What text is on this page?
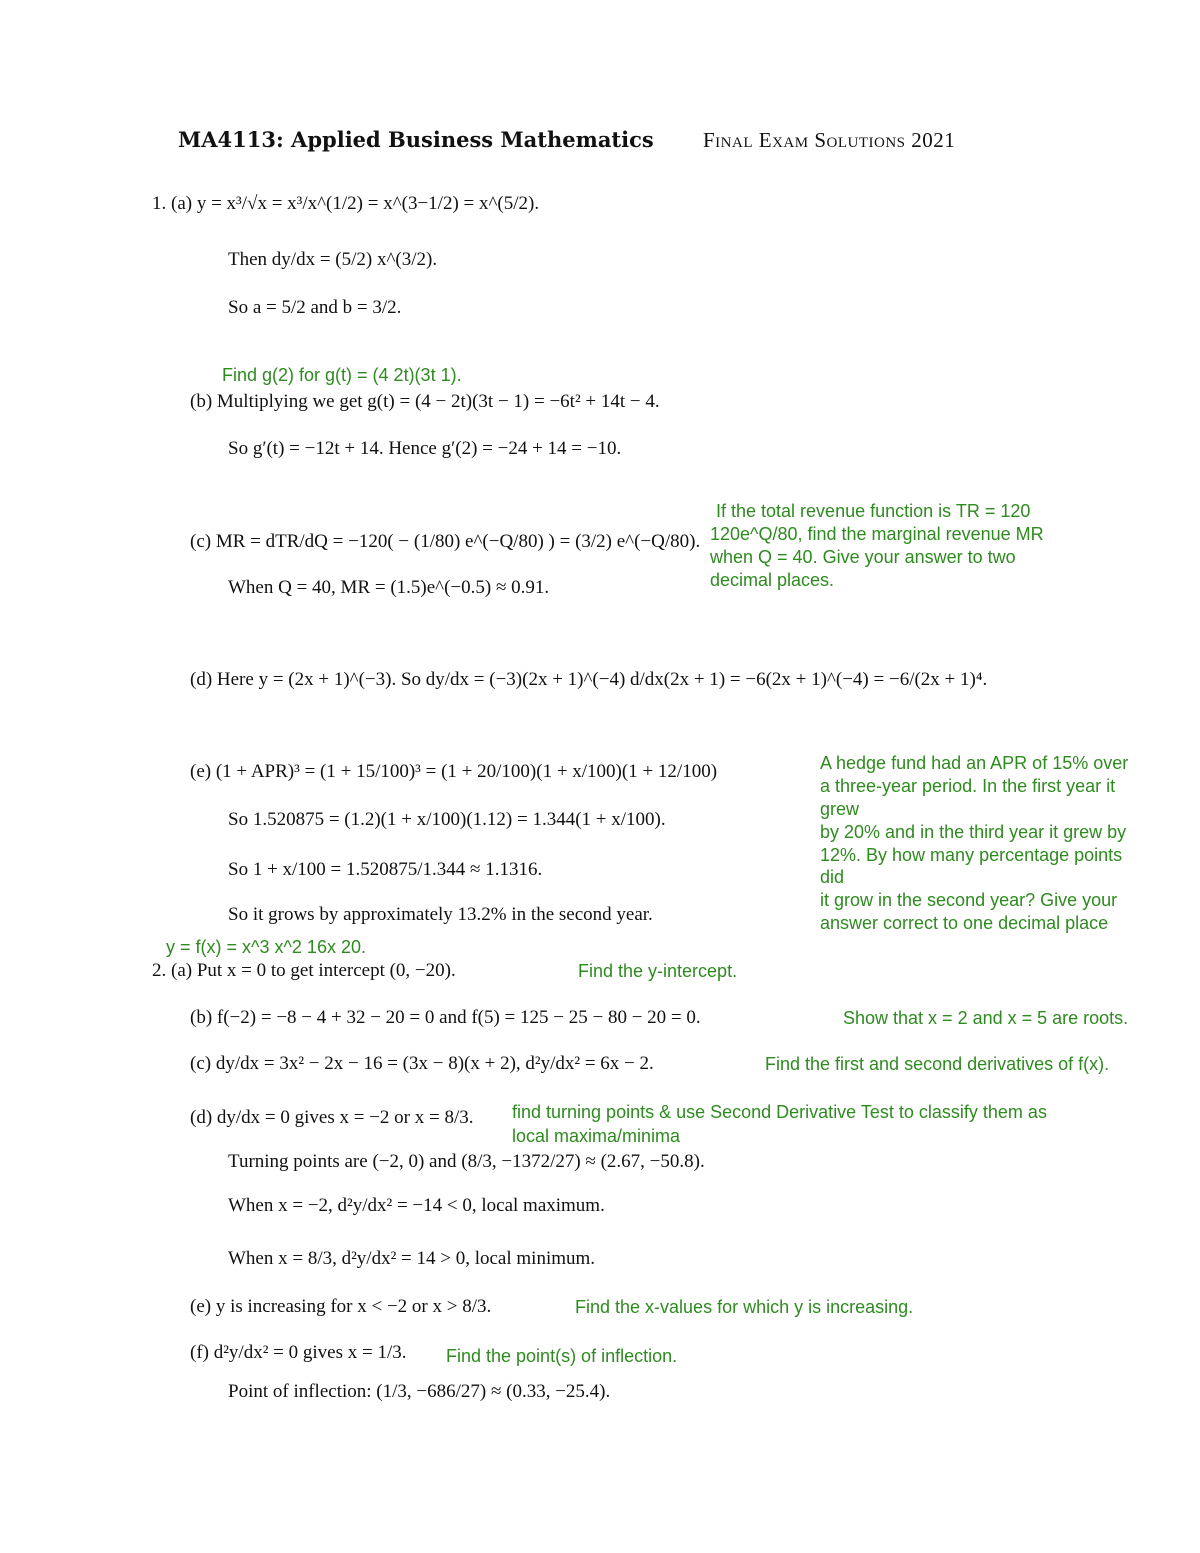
MA4113: Applied Business Mathematics Final Exam Solutions 2021
1. (a) y = x³/√x = x³/x^(1/2) = x^(3−1/2) = x^(5/2).
Then dy/dx = (5/2) x^(3/2).
So a = 5/2 and b = 3/2.
Find g(2) for g(t) = (4 2t)(3t 1).
(b) Multiplying we get g(t) = (4 − 2t)(3t − 1) = −6t² + 14t − 4.
So g′(t) = −12t + 14. Hence g′(2) = −24 + 14 = −10.
If the total revenue function is TR = 120
120e^Q/80, find the marginal revenue MR
when Q = 40. Give your answer to two
decimal places.
(c) MR = dTR/dQ = −120( − (1/80) e^(−Q/80) ) = (3/2) e^(−Q/80).
When Q = 40, MR = (1.5)e^(−0.5) ≈ 0.91.
(d) Here y = (2x + 1)^(−3). So dy/dx = (−3)(2x + 1)^(−4) d/dx(2x + 1) = −6(2x + 1)^(−4) = −6/(2x + 1)⁴.
(e) (1 + APR)³ = (1 + 15/100)³ = (1 + 20/100)(1 + x/100)(1 + 12/100)
So 1.520875 = (1.2)(1 + x/100)(1.12) = 1.344(1 + x/100).
So 1 + x/100 = 1.520875/1.344 ≈ 1.1316.
So it grows by approximately 13.2% in the second year.
A hedge fund had an APR of 15% over
a three-year period. In the first year it
grew
by 20% and in the third year it grew by
12%. By how many percentage points
did
it grow in the second year? Give your
answer correct to one decimal place
y = f(x) = x^3 x^2 16x 20.
2. (a) Put x = 0 to get intercept (0, −20).	Find the y-intercept.
(b) f(−2) = −8 − 4 + 32 − 20 = 0 and f(5) = 125 − 25 − 80 − 20 = 0.	Show that x = 2 and x = 5 are roots.
(c) dy/dx = 3x² − 2x − 16 = (3x − 8)(x + 2), d²y/dx² = 6x − 2.	Find the first and second derivatives of f(x).
(d) dy/dx = 0 gives x = −2 or x = 8/3. find turning points & use Second Derivative Test to classify them as
local maxima/minima
Turning points are (−2, 0) and (8/3, −1372/27) ≈ (2.67, −50.8).
When x = −2, d²y/dx² = −14 < 0, local maximum.
When x = 8/3, d²y/dx² = 14 > 0, local minimum.
(e) y is increasing for x < −2 or x > 8/3.	Find the x-values for which y is increasing.
(f) d²y/dx² = 0 gives x = 1/3. Find the point(s) of inflection.
Point of inflection: (1/3, −686/27) ≈ (0.33, −25.4).
